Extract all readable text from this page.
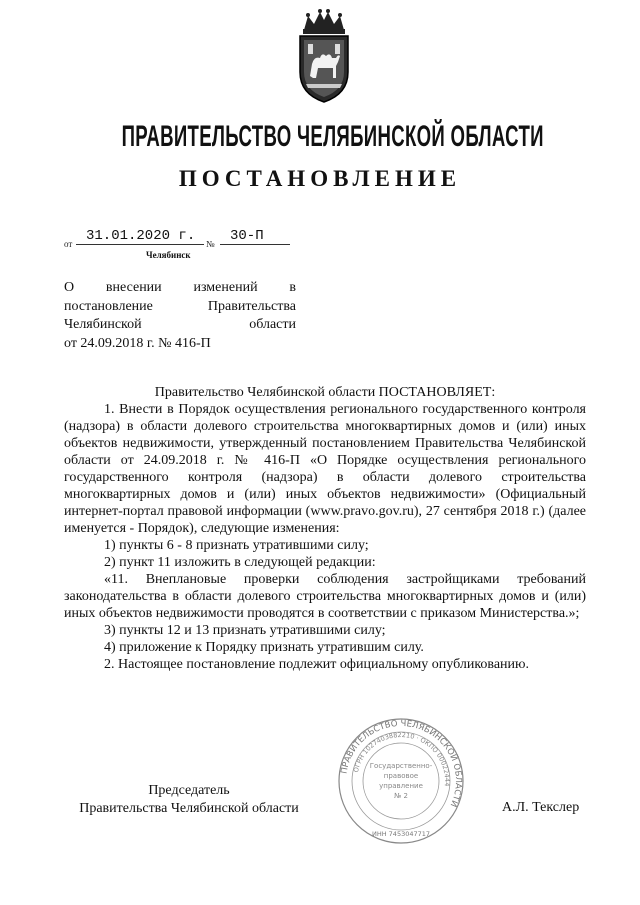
ПРАВИТЕЛЬСТВО ЧЕЛЯБИНСКОЙ ОБЛАСТИ
ПОСТАНОВЛЕНИЕ
от 31.01.2020 г. № 30-П
Челябинск
О внесении изменений в
постановление Правительства
Челябинской области
от 24.09.2018 г. № 416-П

Правительство Челябинской области ПОСТАНОВЛЯЕТ:

1. Внести в Порядок осуществления регионального государственного контроля (надзора) в области долевого строительства многоквартирных домов и (или) иных объектов недвижимости, утвержденный постановлением Правительства Челябинской области от 24.09.2018 г. № 416-П «О Порядке осуществления регионального государственного контроля (надзора) в области долевого строительства многоквартирных домов и (или) иных объектов недвижимости» (Официальный интернет-портал правовой информации (www.pravo.gov.ru), 27 сентября 2018 г.) (далее именуется - Порядок), следующие изменения:

1) пункты 6 - 8 признать утратившими силу;

2) пункт 11 изложить в следующей редакции:

«11. Внеплановые проверки соблюдения застройщиками требований законодательства в области долевого строительства многоквартирных домов и (или) иных объектов недвижимости проводятся в соответствии с приказом Министерства.»;

3) пункты 12 и 13 признать утратившими силу;

4) приложение к Порядку признать утратившим силу.

2. Настоящее постановление подлежит официальному опубликованию.

ПРАВИТЕЛЬСТВО ЧЕЛЯБИНСКОЙ ОБЛАСТИ
ОГРН 1027403882210 · ОКПО 00022444
ИНН 7453047717
Государственно-
правовое
управление
№ 2
Председатель
Правительства Челябинской области	А.Л. Текслер
